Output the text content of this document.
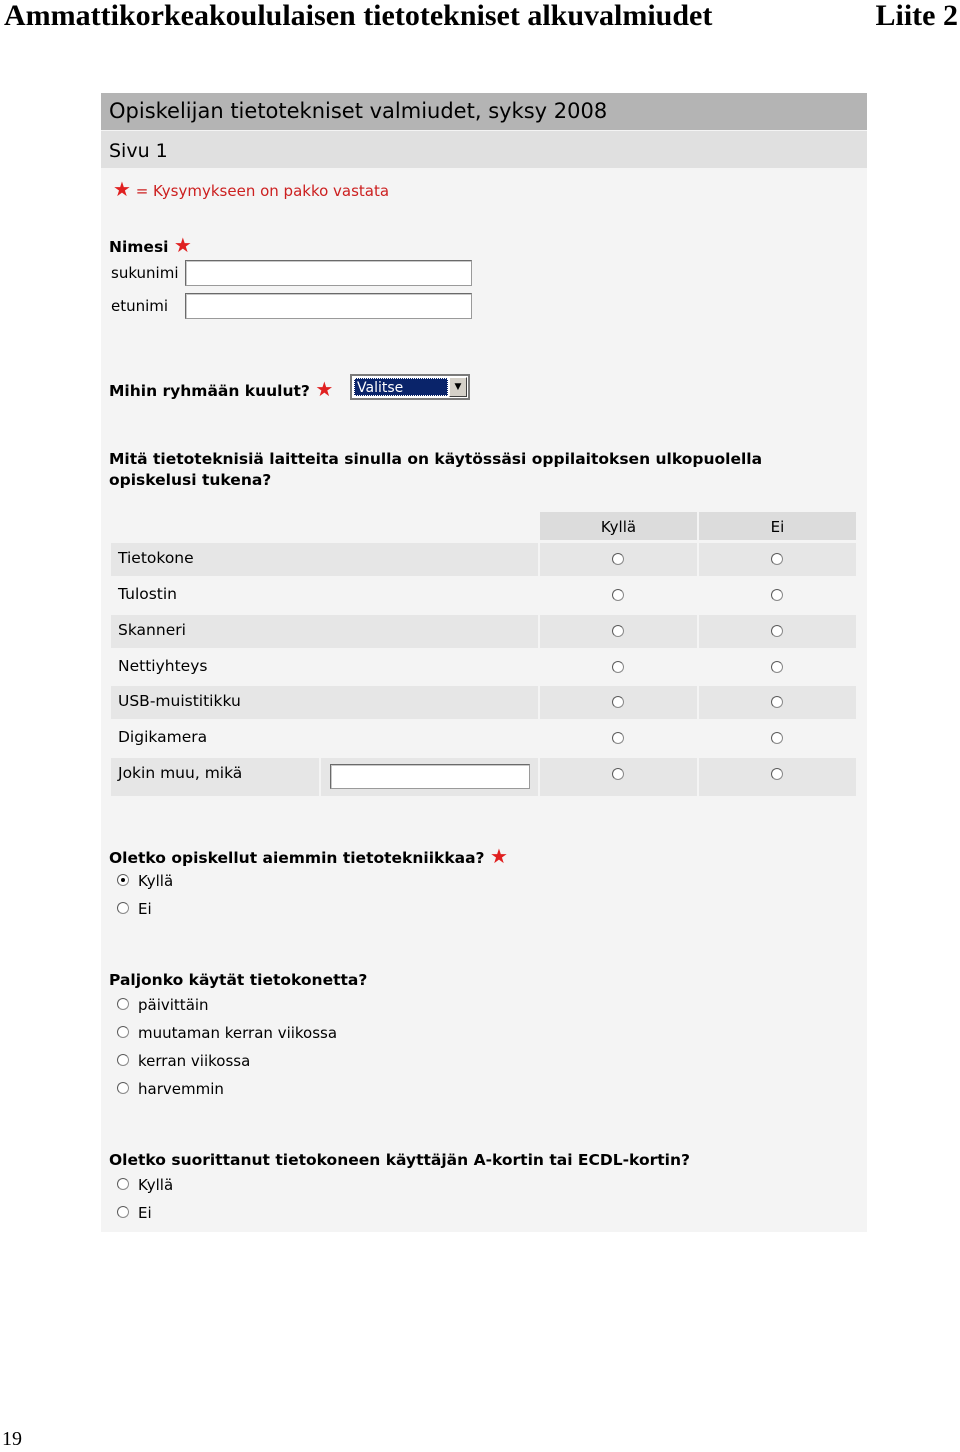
Ammattikorkeakoululaisen tietotekniset alkuvalmiudet	Liite 2
Opiskelijan tietotekniset valmiudet, syksy 2008
Sivu 1
★ = Kysymykseen on pakko vastata
Nimesi ★
sukunimi
etunimi
Mihin ryhmään kuulut? ★ Valitse	▼
Mitä tietoteknisiä laitteita sinulla on käytössäsi oppilaitoksen ulkopuolella
opiskelusi tukena?
Kyllä	Ei
Tietokone
Tulostin
Skanneri
Nettiyhteys
USB-muistitikku
Digikamera
Jokin muu, mikä
Oletko opiskellut aiemmin tietotekniikkaa? ★
Kyllä
Ei
Paljonko käytät tietokonetta?
päivittäin
muutaman kerran viikossa
kerran viikossa
harvemmin
Oletko suorittanut tietokoneen käyttäjän A-kortin tai ECDL-kortin?
Kyllä
Ei
19
